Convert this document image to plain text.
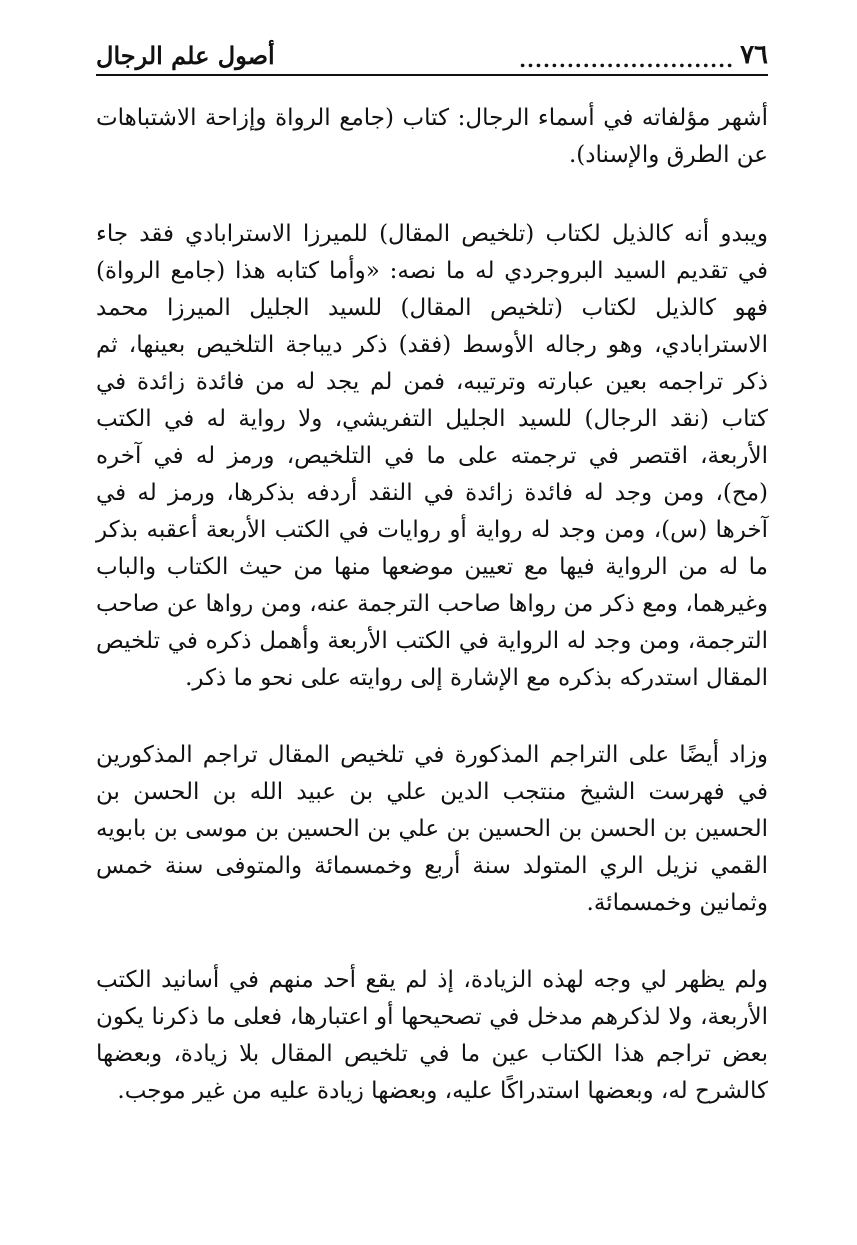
٧٦
...........................
أصول علم الرجال

أشهر مؤلفاته في أسماء الرجال: كتاب (جامع الرواة وإزاحة الاشتباهات عن الطرق والإسناد).

ويبدو أنه كالذيل لكتاب (تلخيص المقال) للميرزا الاسترابادي فقد جاء في تقديم السيد البروجردي له ما نصه: «وأما كتابه هذا (جامع الرواة) فهو كالذيل لكتاب (تلخيص المقال) للسيد الجليل الميرزا محمد الاسترابادي، وهو رجاله الأوسط (فقد) ذكر ديباجة التلخيص بعينها، ثم ذكر تراجمه بعين عبارته وترتيبه، فمن لم يجد له من فائدة زائدة في كتاب (نقد الرجال) للسيد الجليل التفريشي، ولا رواية له في الكتب الأربعة، اقتصر في ترجمته على ما في التلخيص، ورمز له في آخره (مح)، ومن وجد له فائدة زائدة في النقد أردفه بذكرها، ورمز له في آخرها (س)، ومن وجد له رواية أو روايات في الكتب الأربعة أعقبه بذكر ما له من الرواية فيها مع تعيين موضعها منها من حيث الكتاب والباب وغيرهما، ومع ذكر من رواها صاحب الترجمة عنه، ومن رواها عن صاحب الترجمة، ومن وجد له الرواية في الكتب الأربعة وأهمل ذكره في تلخيص المقال استدركه بذكره مع الإشارة إلى روايته على نحو ما ذكر.

وزاد أيضًا على التراجم المذكورة في تلخيص المقال تراجم المذكورين في فهرست الشيخ منتجب الدين علي بن عبيد الله بن الحسن بن الحسين بن الحسن بن الحسين بن علي بن الحسين بن موسى بن بابويه القمي نزيل الري المتولد سنة أربع وخمسمائة والمتوفى سنة خمس وثمانين وخمسمائة.

ولم يظهر لي وجه لهذه الزيادة، إذ لم يقع أحد منهم في أسانيد الكتب الأربعة، ولا لذكرهم مدخل في تصحيحها أو اعتبارها، فعلى ما ذكرنا يكون بعض تراجم هذا الكتاب عين ما في تلخيص المقال بلا زيادة، وبعضها كالشرح له، وبعضها استدراكًا عليه، وبعضها زيادة عليه من غير موجب.
